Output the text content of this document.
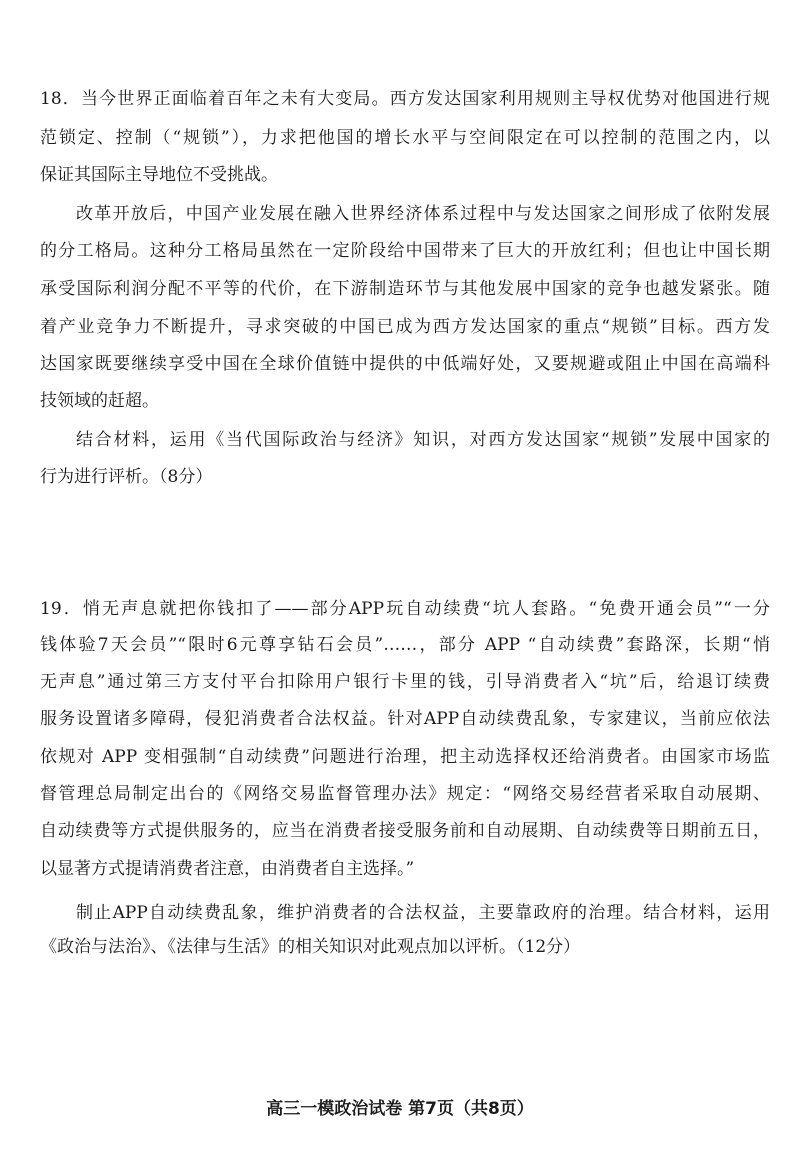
18．当今世界正面临着百年之未有大变局。西方发达国家利用规则主导权优势对他国进行规
范锁定、控制（“规锁”），力求把他国的增长水平与空间限定在可以控制的范围之内，以
保证其国际主导地位不受挑战。
改革开放后，中国产业发展在融入世界经济体系过程中与发达国家之间形成了依附发展
的分工格局。这种分工格局虽然在一定阶段给中国带来了巨大的开放红利；但也让中国长期
承受国际利润分配不平等的代价，在下游制造环节与其他发展中国家的竞争也越发紧张。随
着产业竞争力不断提升，寻求突破的中国已成为西方发达国家的重点“规锁”目标。西方发
达国家既要继续享受中国在全球价值链中提供的中低端好处，又要规避或阻止中国在高端科
技领域的赶超。
结合材料，运用《当代国际政治与经济》知识，对西方发达国家“规锁”发展中国家的
行为进行评析。（8分）
19．悄无声息就把你钱扣了——部分APP玩自动续费“坑人套路。“免费开通会员”“一分
钱体验7天会员”“限时6元尊享钻石会员”……，部分 APP “自动续费”套路深，长期“悄
无声息”通过第三方支付平台扣除用户银行卡里的钱，引导消费者入“坑”后，给退订续费
服务设置诸多障碍，侵犯消费者合法权益。针对APP自动续费乱象，专家建议，当前应依法
依规对 APP 变相强制“自动续费”问题进行治理，把主动选择权还给消费者。由国家市场监
督管理总局制定出台的《网络交易监督管理办法》规定：“网络交易经营者采取自动展期、
自动续费等方式提供服务的，应当在消费者接受服务前和自动展期、自动续费等日期前五日，
以显著方式提请消费者注意，由消费者自主选择。”
制止APP自动续费乱象，维护消费者的合法权益，主要靠政府的治理。结合材料，运用
《政治与法治》、《法律与生活》的相关知识对此观点加以评析。（12分）
高三一模政治试卷 第7页（共8页）
